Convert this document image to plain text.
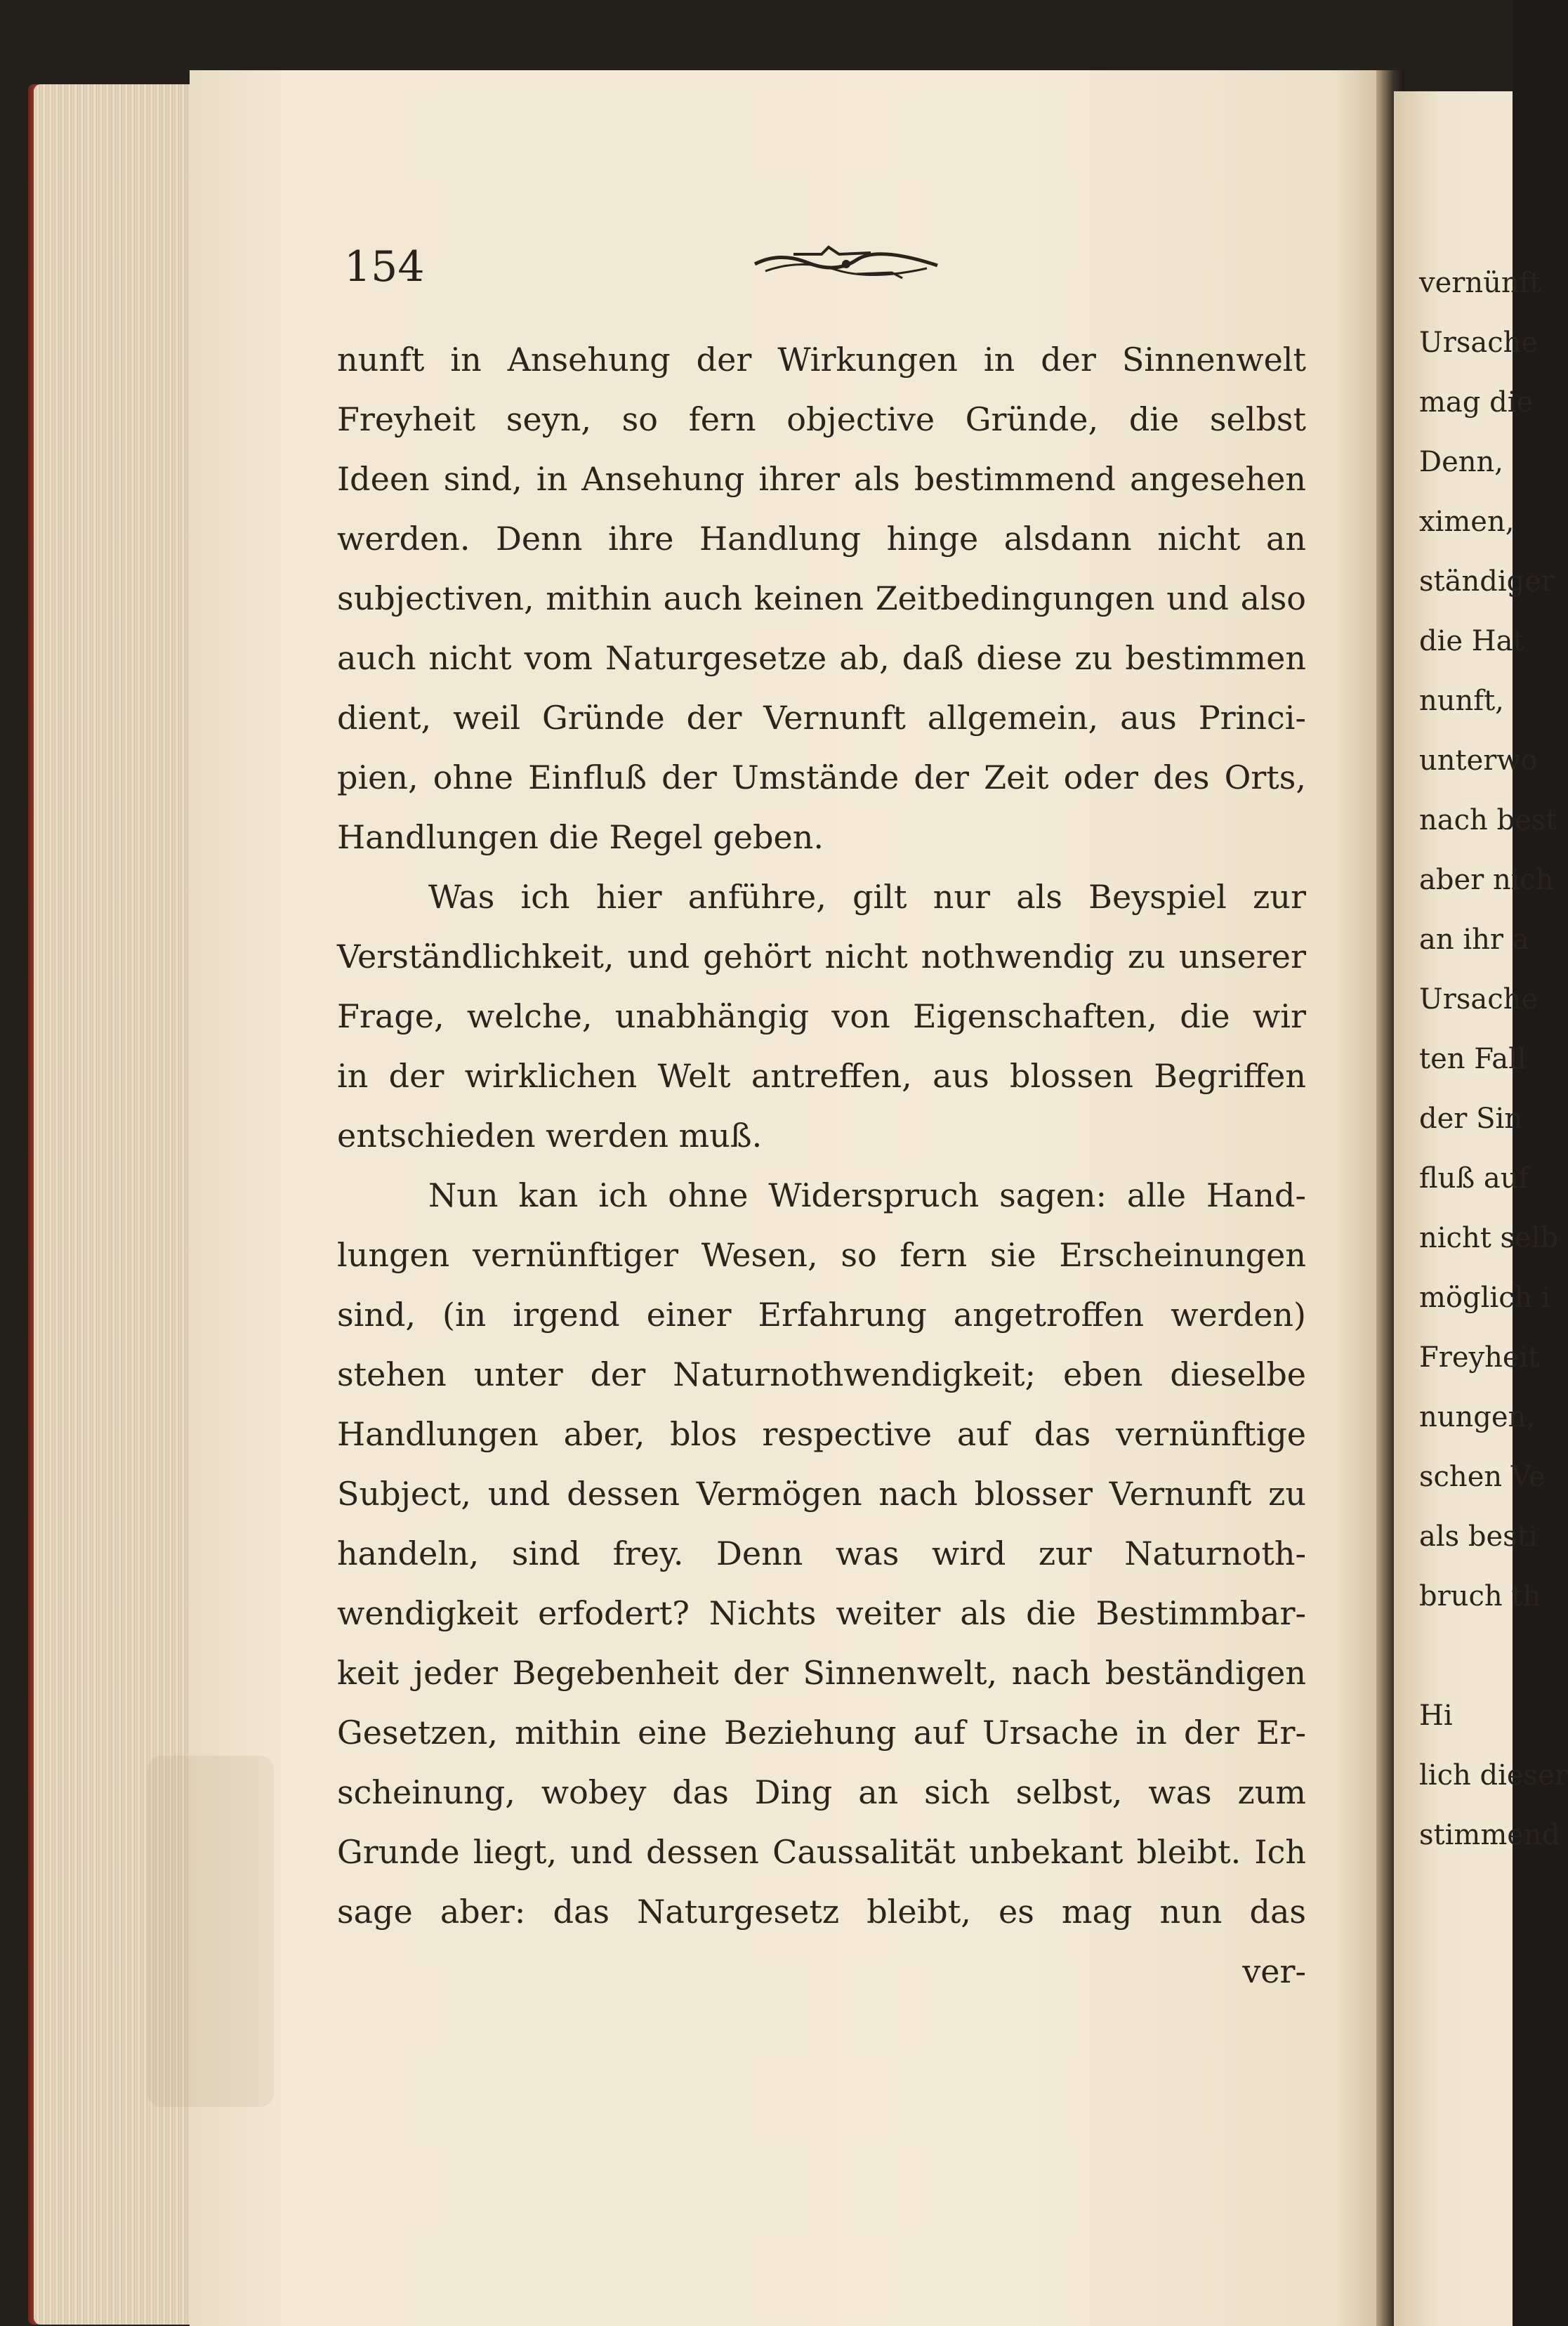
154
nunft in Ansehung der Wirkungen in der Sinnenwelt
Freyheit seyn, so fern objective Gründe, die selbst
Ideen sind, in Ansehung ihrer als bestimmend angesehen
werden. Denn ihre Handlung hinge alsdann nicht an
subjectiven, mithin auch keinen Zeitbedingungen und also
auch nicht vom Naturgesetze ab, daß diese zu bestimmen
dient, weil Gründe der Vernunft allgemein, aus Princi-
pien, ohne Einfluß der Umstände der Zeit oder des Orts,
Handlungen die Regel geben.
Was ich hier anführe, gilt nur als Beyspiel zur
Verständlichkeit, und gehört nicht nothwendig zu unserer
Frage, welche, unabhängig von Eigenschaften, die wir
in der wirklichen Welt antreffen, aus blossen Begriffen
entschieden werden muß.
Nun kan ich ohne Widerspruch sagen: alle Hand-
lungen vernünftiger Wesen, so fern sie Erscheinungen
sind, (in irgend einer Erfahrung angetroffen werden)
stehen unter der Naturnothwendigkeit; eben dieselbe
Handlungen aber, blos respective auf das vernünftige
Subject, und dessen Vermögen nach blosser Vernunft zu
handeln, sind frey. Denn was wird zur Naturnoth-
wendigkeit erfodert? Nichts weiter als die Bestimmbar-
keit jeder Begebenheit der Sinnenwelt, nach beständigen
Gesetzen, mithin eine Beziehung auf Ursache in der Er-
scheinung, wobey das Ding an sich selbst, was zum
Grunde liegt, und dessen Caussalität unbekant bleibt. Ich
sage aber: das Naturgesetz bleibt, es mag nun das
ver-
vernünft
Ursache
mag die
Denn,
ximen,
ständiger
die Hat
nunft,
unterwo
nach best
aber nich
an ihr a
Ursache
ten Fall
der Sin
fluß auf
nicht selb
möglich i
Freyheit
nungen,
schen Ve
als besti
bruch th
Hi
lich dieser
stimmend
